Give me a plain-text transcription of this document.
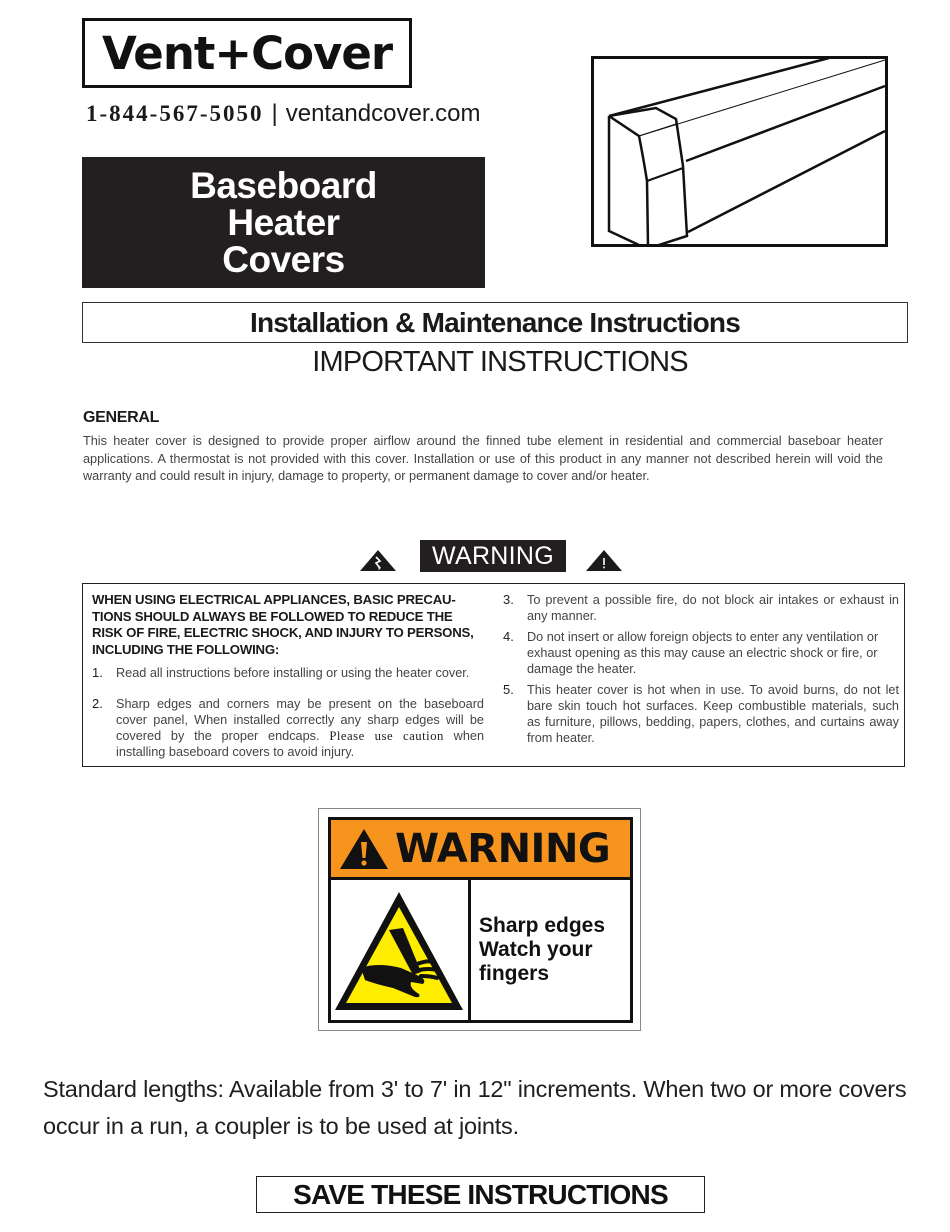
Vent+Cover
1-844-567-5050 | ventandcover.com
Baseboard Heater
Covers
Installation & Maintenance Instructions
IMPORTANT INSTRUCTIONS
GENERAL
This heater cover is designed to provide proper airflow around the finned tube element in residential and commercial baseboar heater applications. A thermostat is not provided with this cover. Installation or use of this product in any manner not described herein will void the warranty and could result in injury, damage to property, or permanent damage to cover and/or heater.
WARNING
WHEN USING ELECTRICAL APPLIANCES, BASIC PRECAU-TIONS SHOULD ALWAYS BE FOLLOWED TO REDUCE THE RISK OF FIRE, ELECTRIC SHOCK, AND INJURY TO PERSONS, INCLUDING THE FOLLOWING:
1.	Read all instructions before installing or using the heater cover.
2.	Sharp edges and corners may be present on the baseboard cover panel, When installed correctly any sharp edges will be covered by the proper endcaps. Please use caution when installing baseboard covers to avoid injury.
3.	To prevent a possible fire, do not block air intakes or exhaust in any manner.
4.	Do not insert or allow foreign objects to enter any ventilation or exhaust opening as this may cause an electric shock or fire, or damage the heater.
5.	This heater cover is hot when in use. To avoid burns, do not let bare skin touch hot surfaces. Keep combustible materials, such as furniture, pillows, bedding, papers, clothes, and curtains away from heater.
WARNING
Sharp edges
Watch your
fingers
Standard lengths: Available from 3' to 7' in 12" increments. When two or more covers occur in a run, a coupler is to be used at joints.
SAVE THESE INSTRUCTIONS
